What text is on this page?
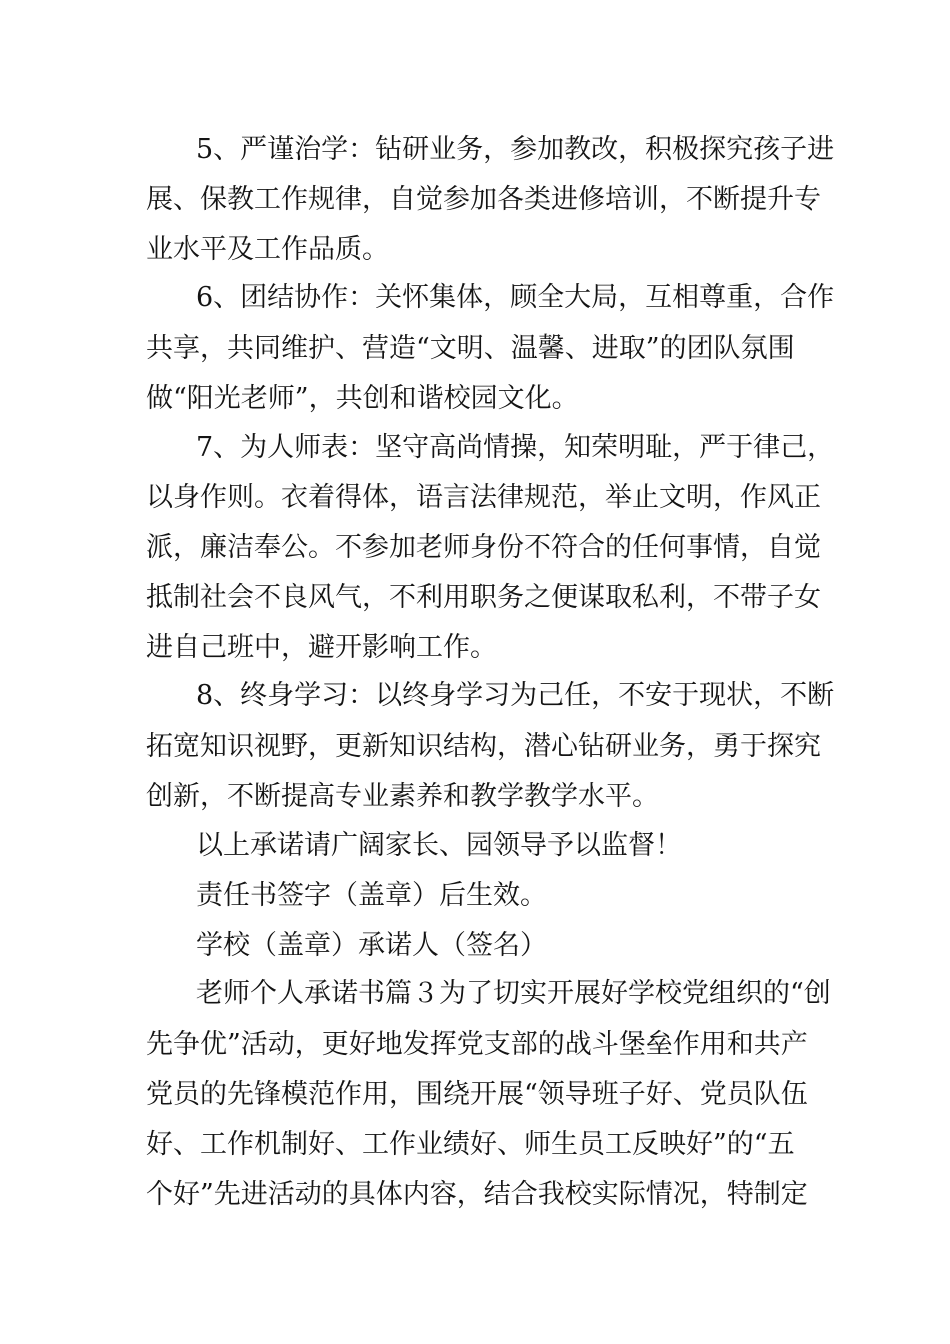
5、严谨治学：钻研业务，参加教改，积极探究孩子进
展、保教工作规律，自觉参加各类进修培训，不断提升专
业水平及工作品质。
6、团结协作：关怀集体，顾全大局，互相尊重，合作
共享，共同维护、营造“文明、温馨、进取”的团队氛围
做“阳光老师”，共创和谐校园文化。
7、为人师表：坚守高尚情操，知荣明耻，严于律己，
以身作则。衣着得体，语言法律规范，举止文明，作风正
派，廉洁奉公。不参加老师身份不符合的任何事情，自觉
抵制社会不良风气，不利用职务之便谋取私利，不带子女
进自己班中，避开影响工作。
8、终身学习：以终身学习为己任，不安于现状，不断
拓宽知识视野，更新知识结构，潜心钻研业务，勇于探究
创新，不断提高专业素养和教学教学水平。
以上承诺请广阔家长、园领导予以监督！
责任书签字（盖章）后生效。
学校（盖章）承诺人（签名）
老师个人承诺书篇３为了切实开展好学校党组织的“创
先争优”活动，更好地发挥党支部的战斗堡垒作用和共产
党员的先锋模范作用，围绕开展“领导班子好、党员队伍
好、工作机制好、工作业绩好、师生员工反映好”的“五
个好”先进活动的具体内容，结合我校实际情况，特制定
